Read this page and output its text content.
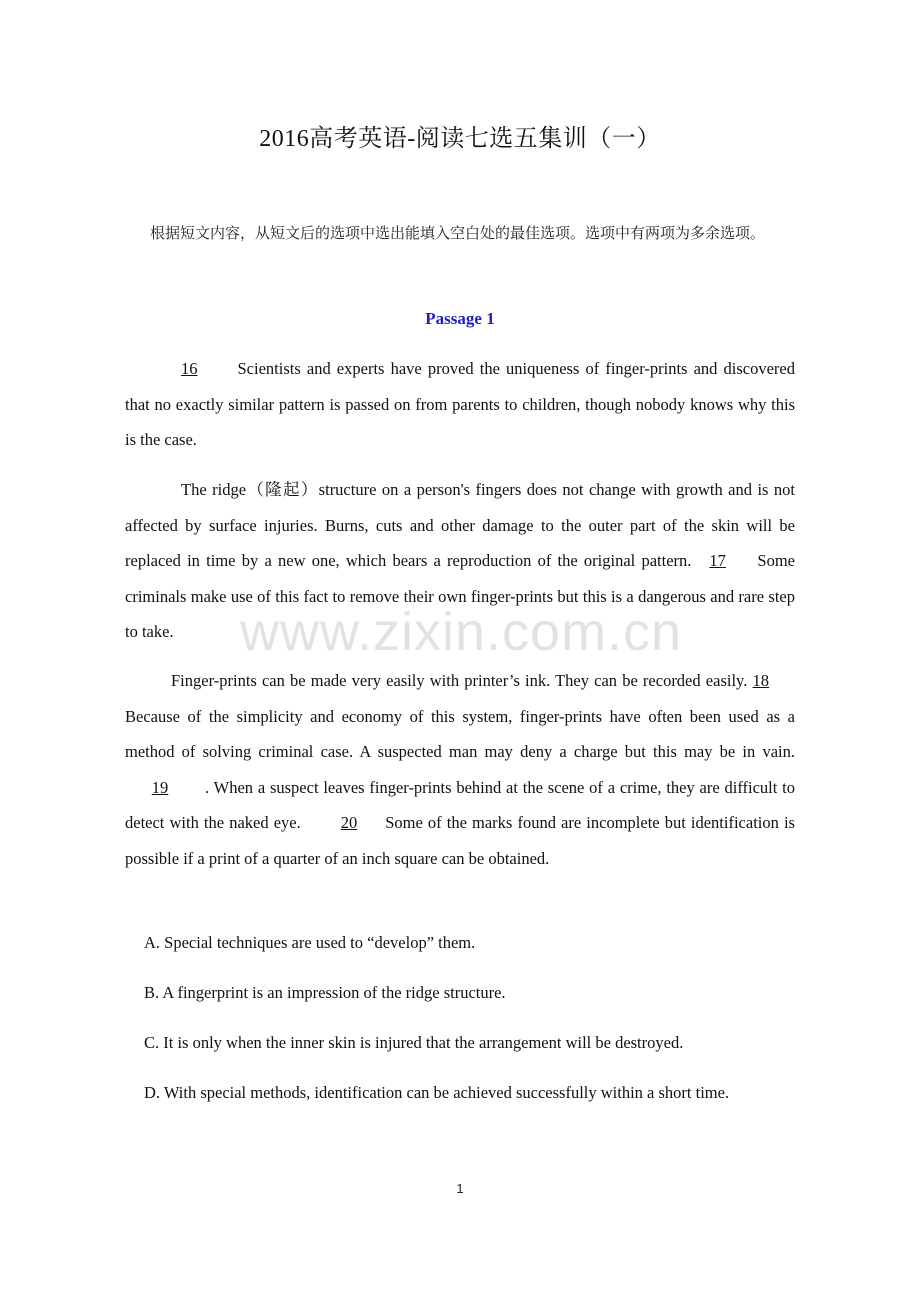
2016高考英语-阅读七选五集训（一）
根据短文内容，从短文后的选项中选出能填入空白处的最佳选项。选项中有两项为多余选项。
Passage 1
16 Scientists and experts have proved the uniqueness of finger-prints and discovered that no exactly similar pattern is passed on from parents to children, though nobody knows why this is the case.
The ridge（隆起）structure on a person's fingers does not change with growth and is not affected by surface injuries. Burns, cuts and other damage to the outer part of the skin will be replaced in time by a new one, which bears a reproduction of the original pattern. 17 Some criminals make use of this fact to remove their own finger-prints but this is a dangerous and rare step to take.
Finger-prints can be made very easily with printer’s ink. They can be recorded easily. 18Because of the simplicity and economy of this system, finger-prints have often been used as a method of solving criminal case. A suspected man may deny a charge but this may be in vain.19 . When a suspect leaves finger-prints behind at the scene of a crime, they are difficult to detect with the naked eye. 20 Some of the marks found are incomplete but identification is possible if a print of a quarter of an inch square can be obtained.
A. Special techniques are used to “develop” them.
B. A fingerprint is an impression of the ridge structure.
C. It is only when the inner skin is injured that the arrangement will be destroyed.
D. With special methods, identification can be achieved successfully within a short time.
www.zixin.com.cn
1
